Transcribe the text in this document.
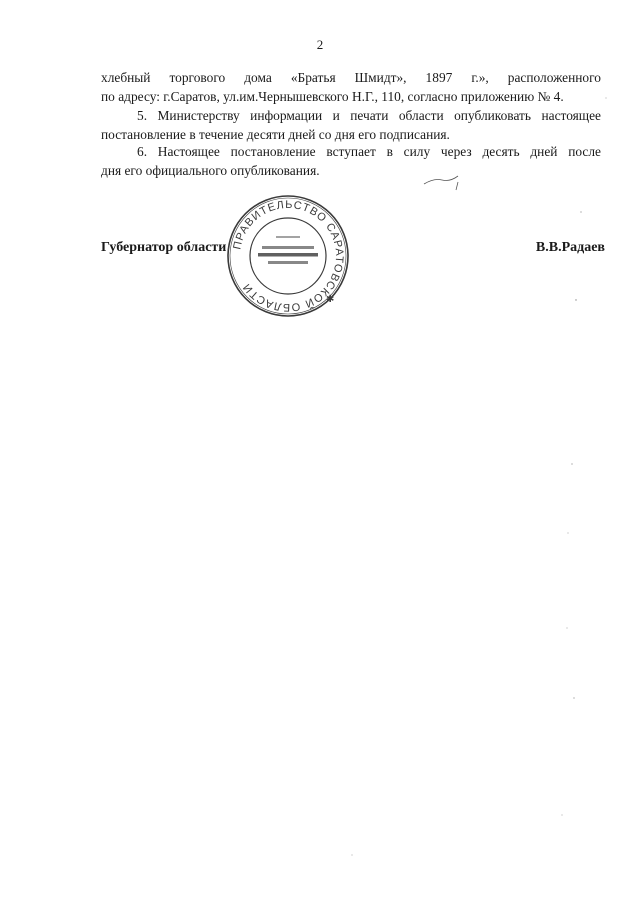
2
хлебный торгового дома «Братья Шмидт», 1897 г.», расположенного
по адресу: г.Саратов, ул.им.Чернышевского Н.Г., 110, согласно приложению № 4.
5. Министерству информации и печати области опубликовать настоящее
постановление в течение десяти дней со дня его подписания.
6. Настоящее постановление вступает в силу через десять дней после
дня его официального опубликования.
ПРАВИТЕЛЬСТВО САРАТОВСКОЙ ОБЛАСТИ
✱
Губернатор области	В.В.Радаев
